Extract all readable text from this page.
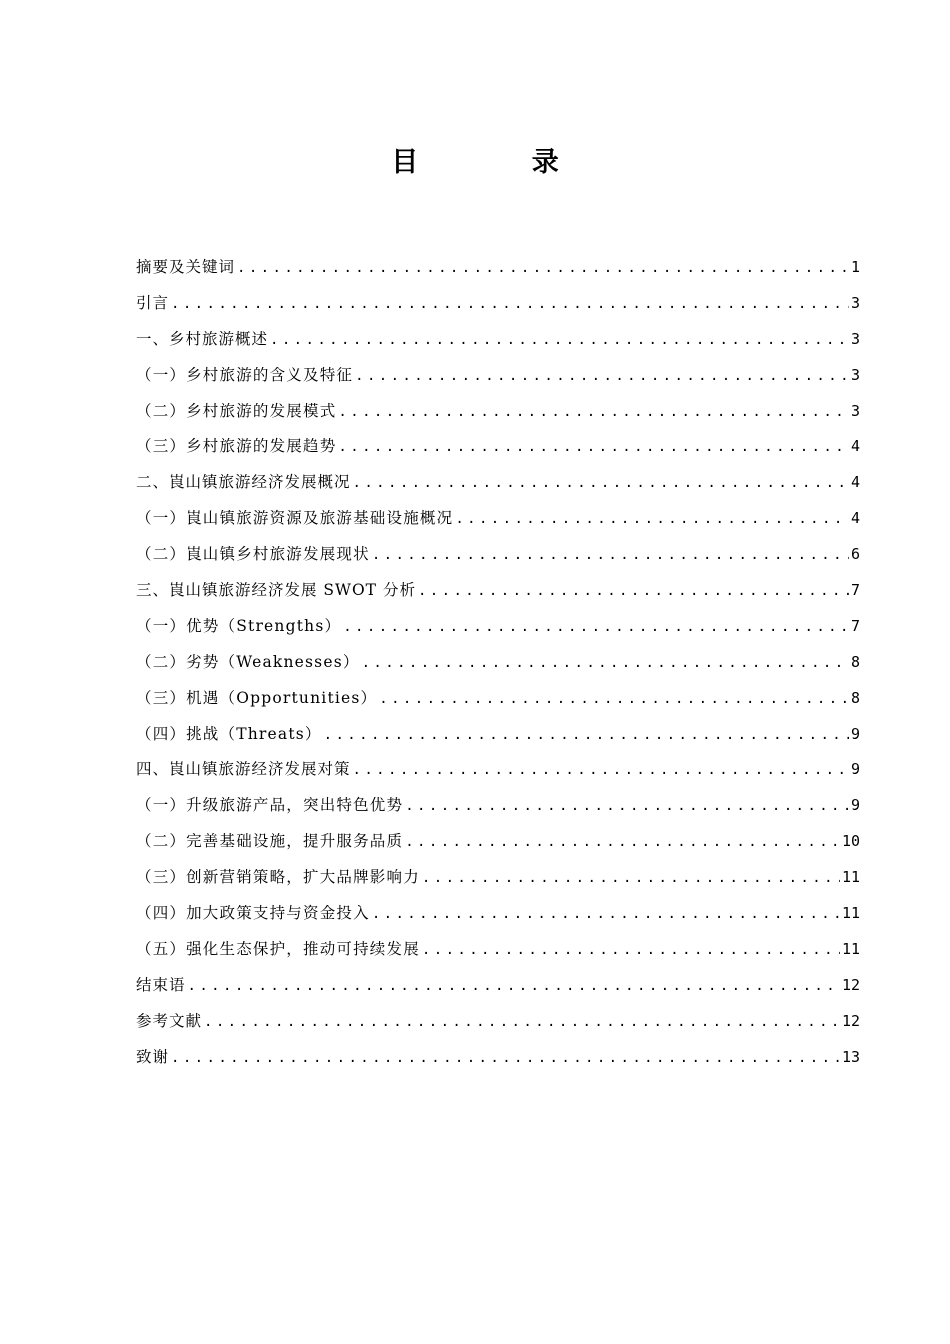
目 录
摘要及关键词 .....	1
引言 .....	3
一、乡村旅游概述 .....	3
（一）乡村旅游的含义及特征 .....	3
（二）乡村旅游的发展模式 .....	3
（三）乡村旅游的发展趋势 .....	4
二、崀山镇旅游经济发展概况 .....	4
（一）崀山镇旅游资源及旅游基础设施概况 .....	4
（二）崀山镇乡村旅游发展现状 .....	6
三、崀山镇旅游经济发展 SWOT 分析 .....	7
（一）优势（Strengths） .....	7
（二）劣势（Weaknesses） .....	8
（三）机遇（Opportunities） .....	8
（四）挑战（Threats） .....	9
四、崀山镇旅游经济发展对策 .....	9
（一）升级旅游产品，突出特色优势 .....	9
（二）完善基础设施，提升服务品质 .....	10
（三）创新营销策略，扩大品牌影响力 .....	11
（四）加大政策支持与资金投入 .....	11
（五）强化生态保护，推动可持续发展 .....	11
结束语 .....	12
参考文献 .....	12
致谢 .....	13
